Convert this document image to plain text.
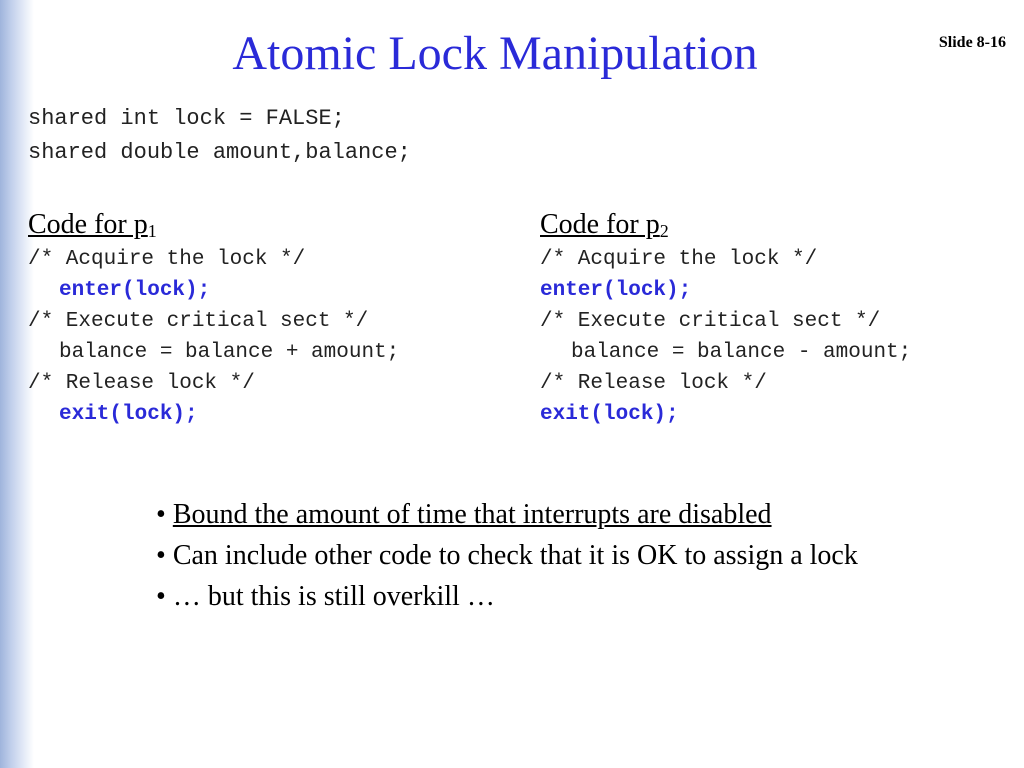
Atomic Lock Manipulation	Slide 8-16
shared int lock = FALSE;
shared double amount,balance;
Code for $p_1$
/* Acquire the lock */
enter(lock);
/* Execute critical sect */
balance = balance + amount;
/* Release lock */
exit(lock);
Code for $p_2$
/* Acquire the lock */
enter(lock);
/* Execute critical sect */
balance = balance - amount;
/* Release lock */
exit(lock);
• Bound the amount of time that interrupts are disabled
• Can include other code to check that it is OK to assign a lock
• … but this is still overkill …
